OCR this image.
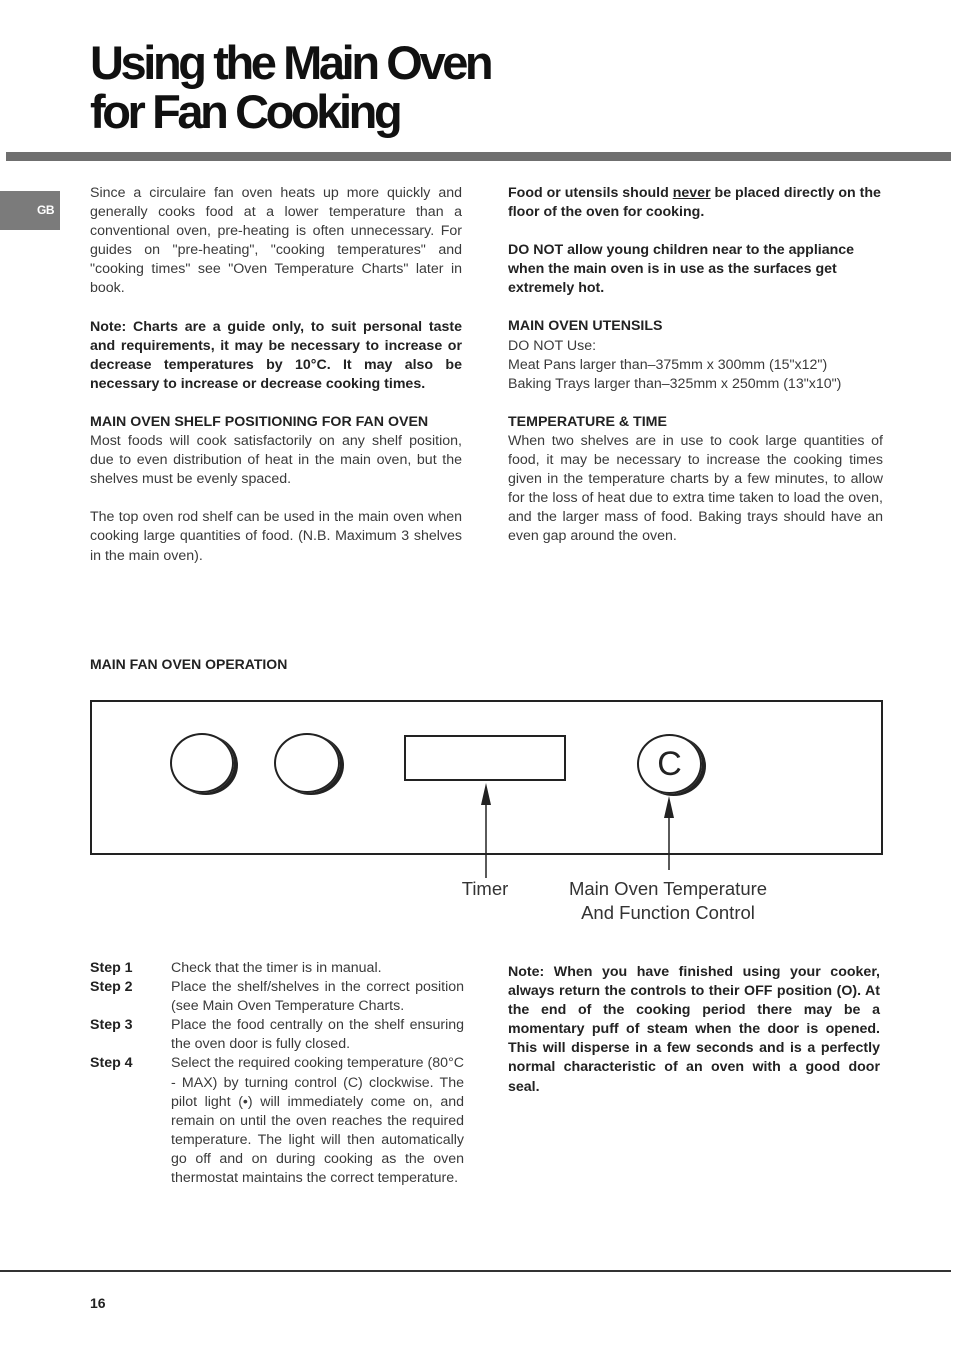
Using the Main Oven
for Fan Cooking
GB

Since a circulaire fan oven heats up more quickly and generally cooks food at a lower temperature than a conventional oven, pre-heating is often unnecessary. For guides on "pre-heating", "cooking temperatures" and "cooking times" see "Oven Temperature Charts" later in book.

Note: Charts are a guide only, to suit personal taste and requirements, it may be necessary to increase or decrease temperatures by 10°C. It may also be necessary to increase or decrease cooking times.

MAIN OVEN SHELF POSITIONING FOR FAN OVEN

Most foods will cook satisfactorily on any shelf position, due to even distribution of heat in the main oven, but the shelves must be evenly spaced.

The top oven rod shelf can be used in the main oven when cooking large quantities of food. (N.B. Maximum 3 shelves in the main oven).

Food or utensils should never be placed directly on the floor of the oven for cooking.

DO NOT allow young children near to the appliance when the main oven is in use as the surfaces get extremely hot.

MAIN OVEN UTENSILS

DO NOT Use:

Meat Pans larger than–375mm x 300mm (15"x12")

Baking Trays larger than–325mm x 250mm (13"x10")

TEMPERATURE & TIME

When two shelves are in use to cook large quantities of food, it may be necessary to increase the cooking times given in the temperature charts by a few minutes, to allow for the loss of heat due to extra time taken to load the oven, and the larger mass of food. Baking trays should have an even gap around the oven.

MAIN FAN OVEN OPERATION
C
Timer	Main Oven Temperature
And Function Control
Step 1	Check that the timer is in manual.
Step 2	Place the shelf/shelves in the correct position (see Main Oven Temperature Charts.
Step 3	Place the food centrally on the shelf ensuring the oven door is fully closed.
Step 4	Select the required cooking temperature (80°C - MAX) by turning control (C) clockwise. The pilot light (•) will immediately come on, and remain on until the oven reaches the required temperature. The light will then automatically go off and on during cooking as the oven thermostat maintains the correct temperature.
Note: When you have finished using your cooker, always return the controls to their OFF position (O). At the end of the cooking period there may be a momentary puff of steam when the door is opened. This will disperse in a few seconds and is a perfectly normal characteristic of an oven with a good door seal.
16
